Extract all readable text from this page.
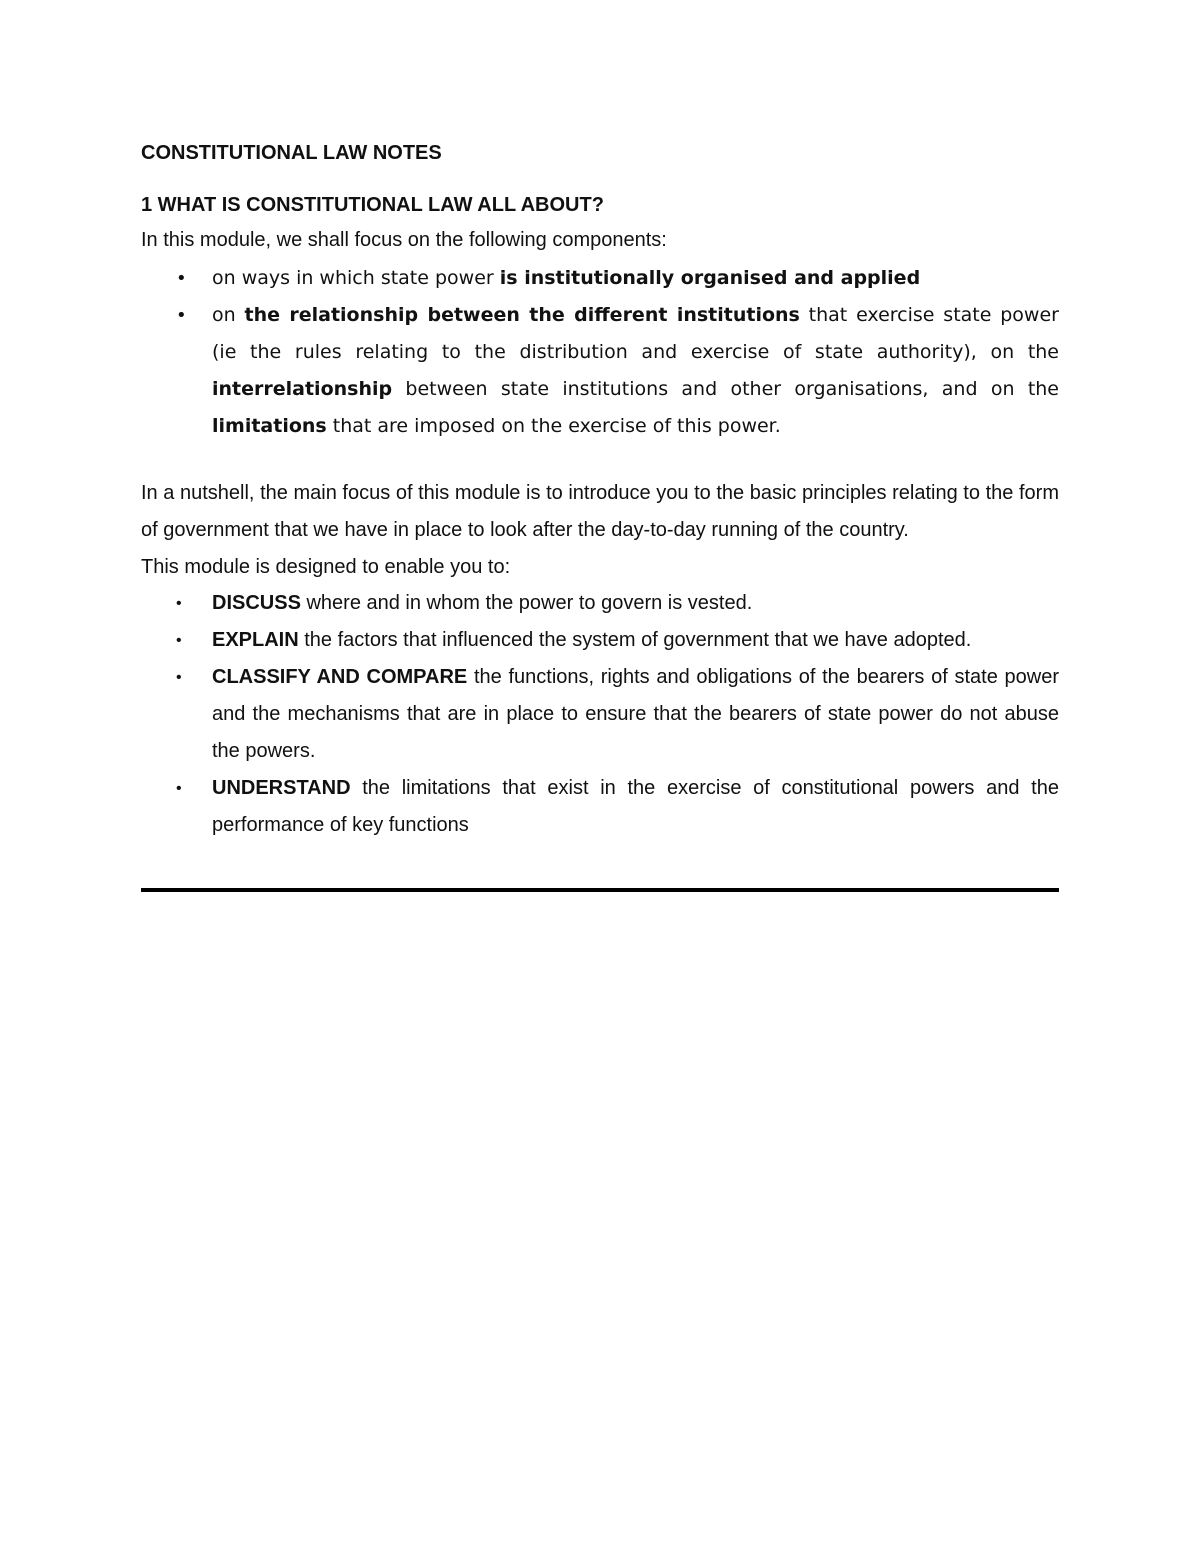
CONSTITUTIONAL LAW NOTES
1 WHAT IS CONSTITUTIONAL LAW ALL ABOUT?
In this module, we shall focus on the following components:
• on ways in which state power is institutionally organised and applied
• on the relationship between the different institutions that exercise state power (ie the rules relating to the distribution and exercise of state authority), on the interrelationship between state institutions and other organisations, and on the limitations that are imposed on the exercise of this power.
In a nutshell, the main focus of this module is to introduce you to the basic principles relating to the form of government that we have in place to look after the day-to-day running of the country.
This module is designed to enable you to:
•	DISCUSS where and in whom the power to govern is vested.
•	EXPLAIN the factors that influenced the system of government that we have adopted.
•	CLASSIFY AND COMPARE the functions, rights and obligations of the bearers of state power and the mechanisms that are in place to ensure that the bearers of state power do not abuse the powers.
•	UNDERSTAND the limitations that exist in the exercise of constitutional powers and the performance of key functions
